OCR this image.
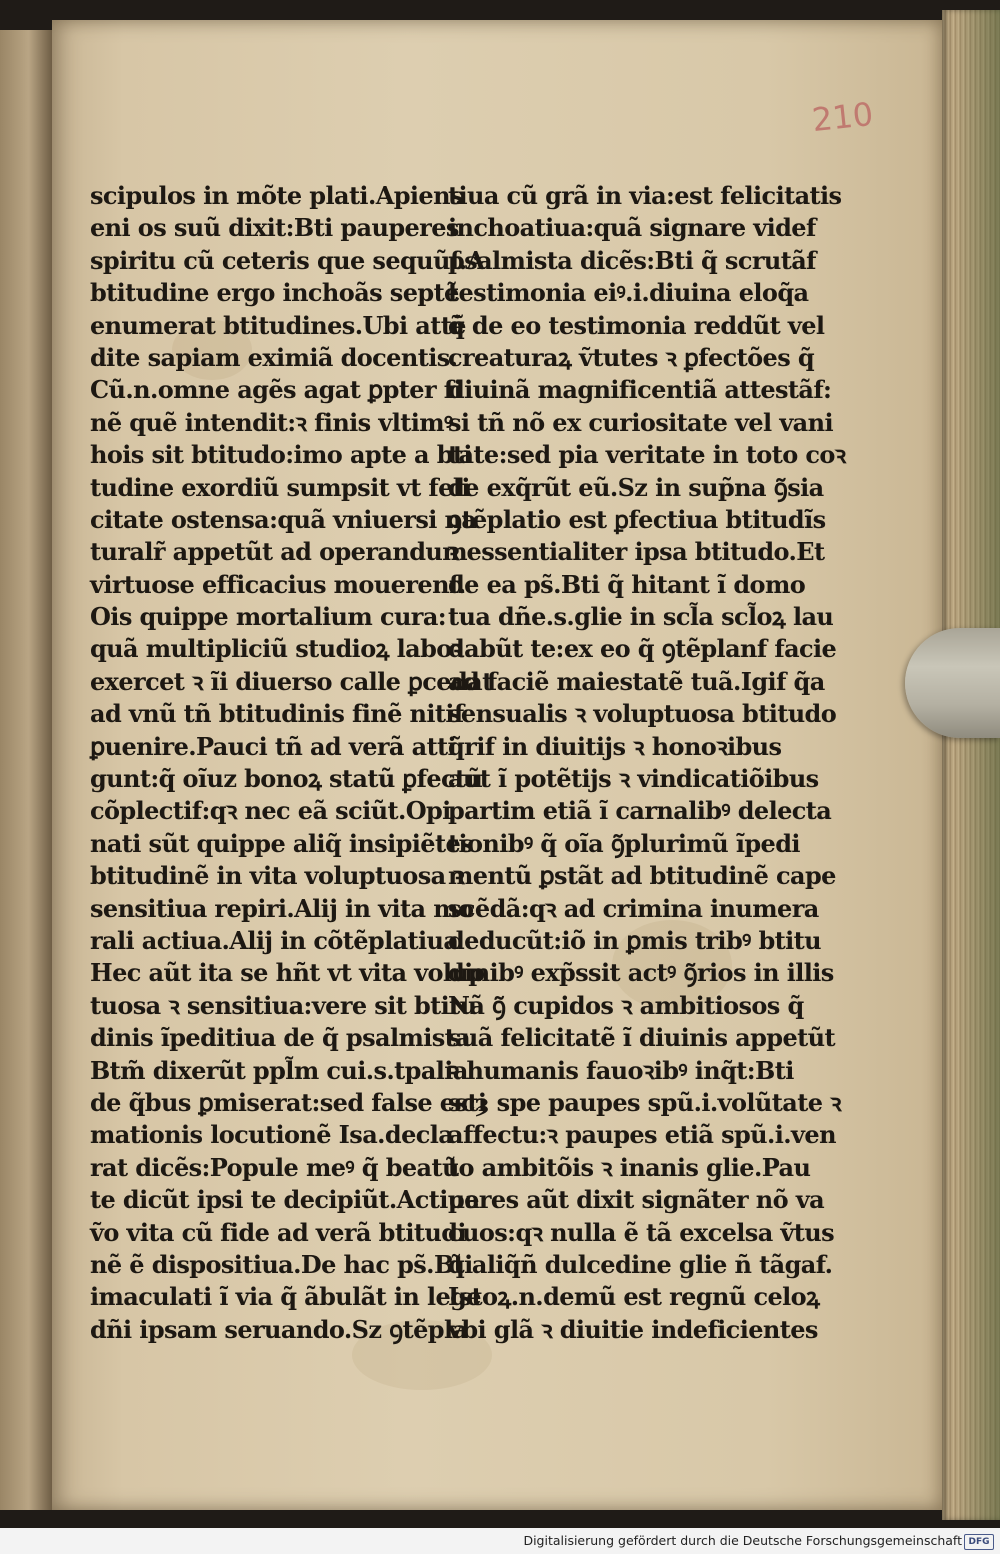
210
scipulos in mõte plati.Apiens
eni os suũ dixit:Bti pauperes
spiritu cũ ceteris que sequũf.A
btitudine ergo inchoãs septẽ
enumerat btitudines.Ubi attẽ
dite sapiam eximiã docentis.
Cũ.n.omne agẽs agat ꝑpter fi
nẽ quẽ intendit:ꝛ finis vltimꝰ
hois sit btitudo:imo apte a bti
tudine exordiũ sumpsit vt feli
citate ostensa:quã vniuersi na
turalr̃ appetũt ad operandum
virtuose efficacius mouerenf.
Ois quippe mortalium cura:
quã multipliciũ studioꝝ laboꝛ
exercet ꝛ ĩi diuerso calle ꝑcedat
ad vnũ tñ btitudinis finẽ nitif
ꝑuenire.Pauci tñ ad verã atti
gunt:q̃ oĩuz bonoꝝ statũ ꝑfectũ
cõplectif:qꝛ nec eã sciũt.Opi
nati sũt quippe aliq̃ insipiẽtes
btitudinẽ in vita voluptuosa ꝛ
sensitiua repiri.Alij in vita mo
rali actiua.Alij in cõtẽplatiua
Hec aũt ita se hñt vt vita volup
tuosa ꝛ sensitiua:vere sit btitu
dinis ĩpeditiua de q̃ psalmista
Btm̃ dixerũt ppl̃m cui.s.tpalia
de q̃bus ꝑmiserat:sed false esti
mationis locutionẽ Isa.decla
rat dicẽs:Popule meꝰ q̃ beatũ
te dicũt ipsi te decipiũt.Actiua
ṽo vita cũ fide ad verã btitudi
nẽ ẽ dispositiua.De hac ps̃.Bti
imaculati ĩ via q̃ ãbulãt in lege
dñi ipsam seruando.Sz ꝯtẽpla
tiua cũ grã in via:est felicitatis
inchoatiua:quã signare videf
psalmista dicẽs:Bti q̃ scrutãf
testimonia eiꝰ.i.diuina eloq̃a
q̃ de eo testimonia reddũt vel
creaturaꝝ ṽtutes ꝛ ꝑfectões q̃
diuinã magnificentiã attestãf:
si tñ nõ ex curiositate vel vani
tate:sed pia veritate in toto coꝛ
de exq̃rũt eũ.Sz in sup̃na ꝯ̃sia
ꝯtẽplatio est ꝑfectiua btitudĩs
ꝛ essentialiter ipsa btitudo.Et
de ea ps̃.Bti q̃ hitant ĩ domo
tua dñe.s.glie in scl̃a scl̃oꝝ lau
dabũt te:ex eo q̃ ꝯtẽplanf facie
ad faciẽ maiestatẽ tuã.Igif q̃a
sensualis ꝛ voluptuosa btitudo
q̃rif in diuitijs ꝛ honoꝛibus
aut ĩ potẽtijs ꝛ vindicatiõibus
partim etiã ĩ carnalibꝰ delecta
tionibꝰ q̃ oĩa ꝯ̃plurimũ ĩpedi
mentũ ꝑstãt ad btitudinẽ cape
scẽdã:qꝛ ad crimina inumera
deducũt:iõ in ꝑmis tribꝰ btitu
dinibꝰ exp̃ssit actꝰ ꝯ̃rios in illis
Nã ꝯ̃ cupidos ꝛ ambitiosos q̃
suã felicitatẽ ĩ diuinis appetũt
ꝛ humanis fauoꝛibꝰ inq̃t:Bti
scȝ spe paupes spũ.i.volũtate ꝛ
affectu:ꝛ paupes etiã spũ.i.ven
to ambitõis ꝛ inanis glie.Pau
peres aũt dixit signãter nõ va
cuos:qꝛ nulla ẽ tã excelsa ṽtus
q̃ aliq̃ñ dulcedine glie ñ tãgaf.
Istoꝝ.n.demũ est regnũ celoꝝ
vbi glã ꝛ diuitie indeficientes
Digitalisierung gefördert durch die Deutsche Forschungsgemeinschaft DFG
